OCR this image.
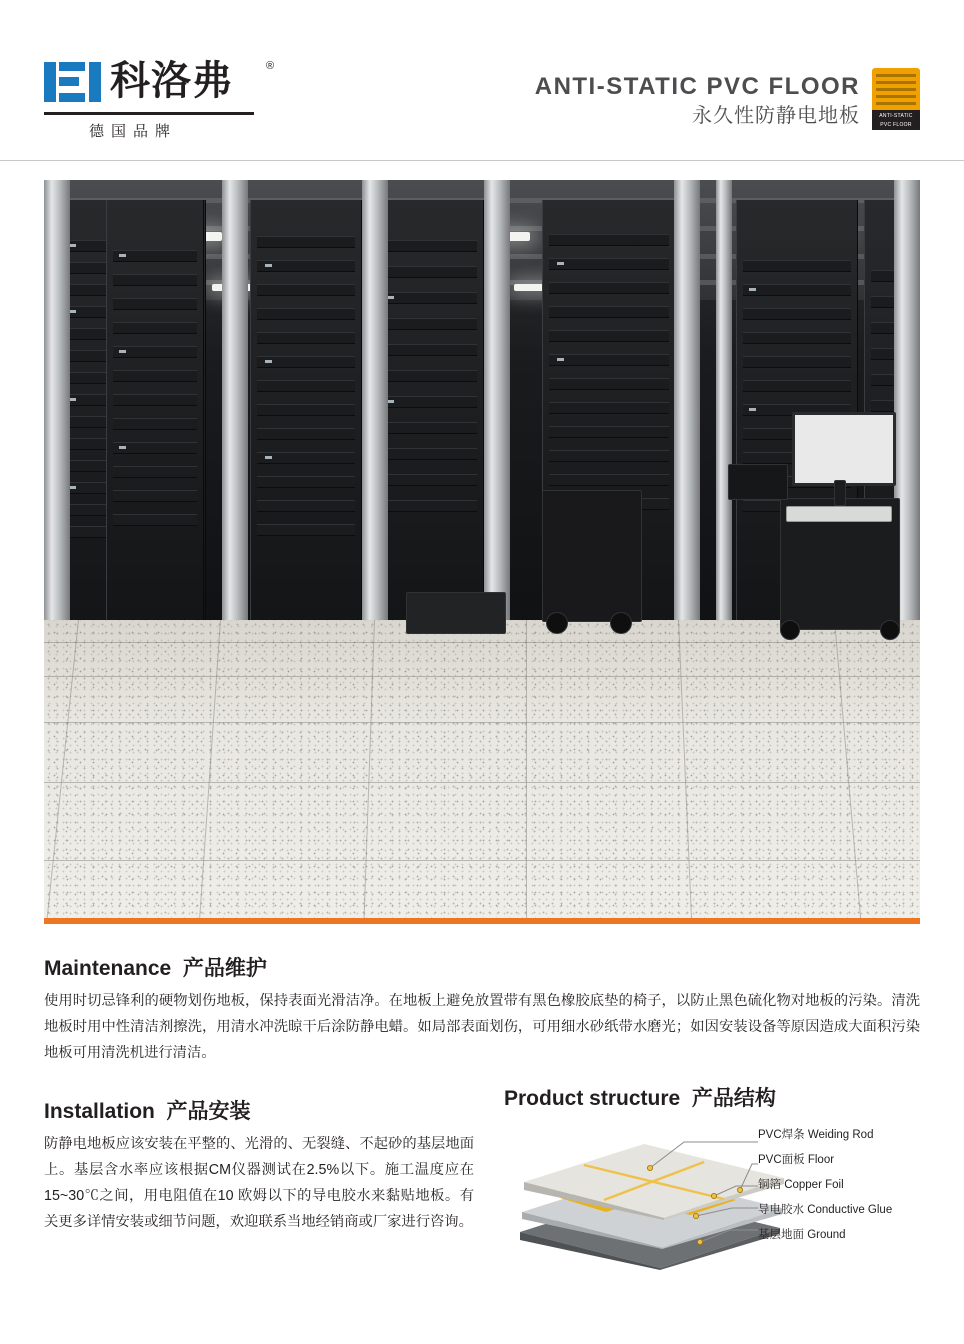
科洛弗	®
德国品牌
ANTI-STATIC PVC FLOOR
永久性防静电地板	ANTI-STATIC
PVC FLOOR
Maintenance 产品维护
使用时切忌锋利的硬物划伤地板，保持表面光滑洁净。在地板上避免放置带有黑色橡胶底垫的椅子，以防止黑色硫化物对地板的污染。清洗地板时用中性清洁剂擦洗，用清水冲洗晾干后涂防静电蜡。如局部表面划伤，可用细水砂纸带水磨光；如因安装设备等原因造成大面积污染地板可用清洗机进行清洁。
Installation 产品安装
防静电地板应该安装在平整的、光滑的、无裂缝、不起砂的基层地面上。基层含水率应该根据CM仪器测试在2.5%以下。施工温度应在15~30℃之间，用电阻值在10 欧姆以下的导电胶水来黏贴地板。有关更多详情安装或细节问题，欢迎联系当地经销商或厂家进行咨询。
Product structure 产品结构
PVC焊条 Weiding Rod
PVC面板 Floor
铜箔 Copper Foil
导电胶水 Conductive Glue
基层地面 Ground
